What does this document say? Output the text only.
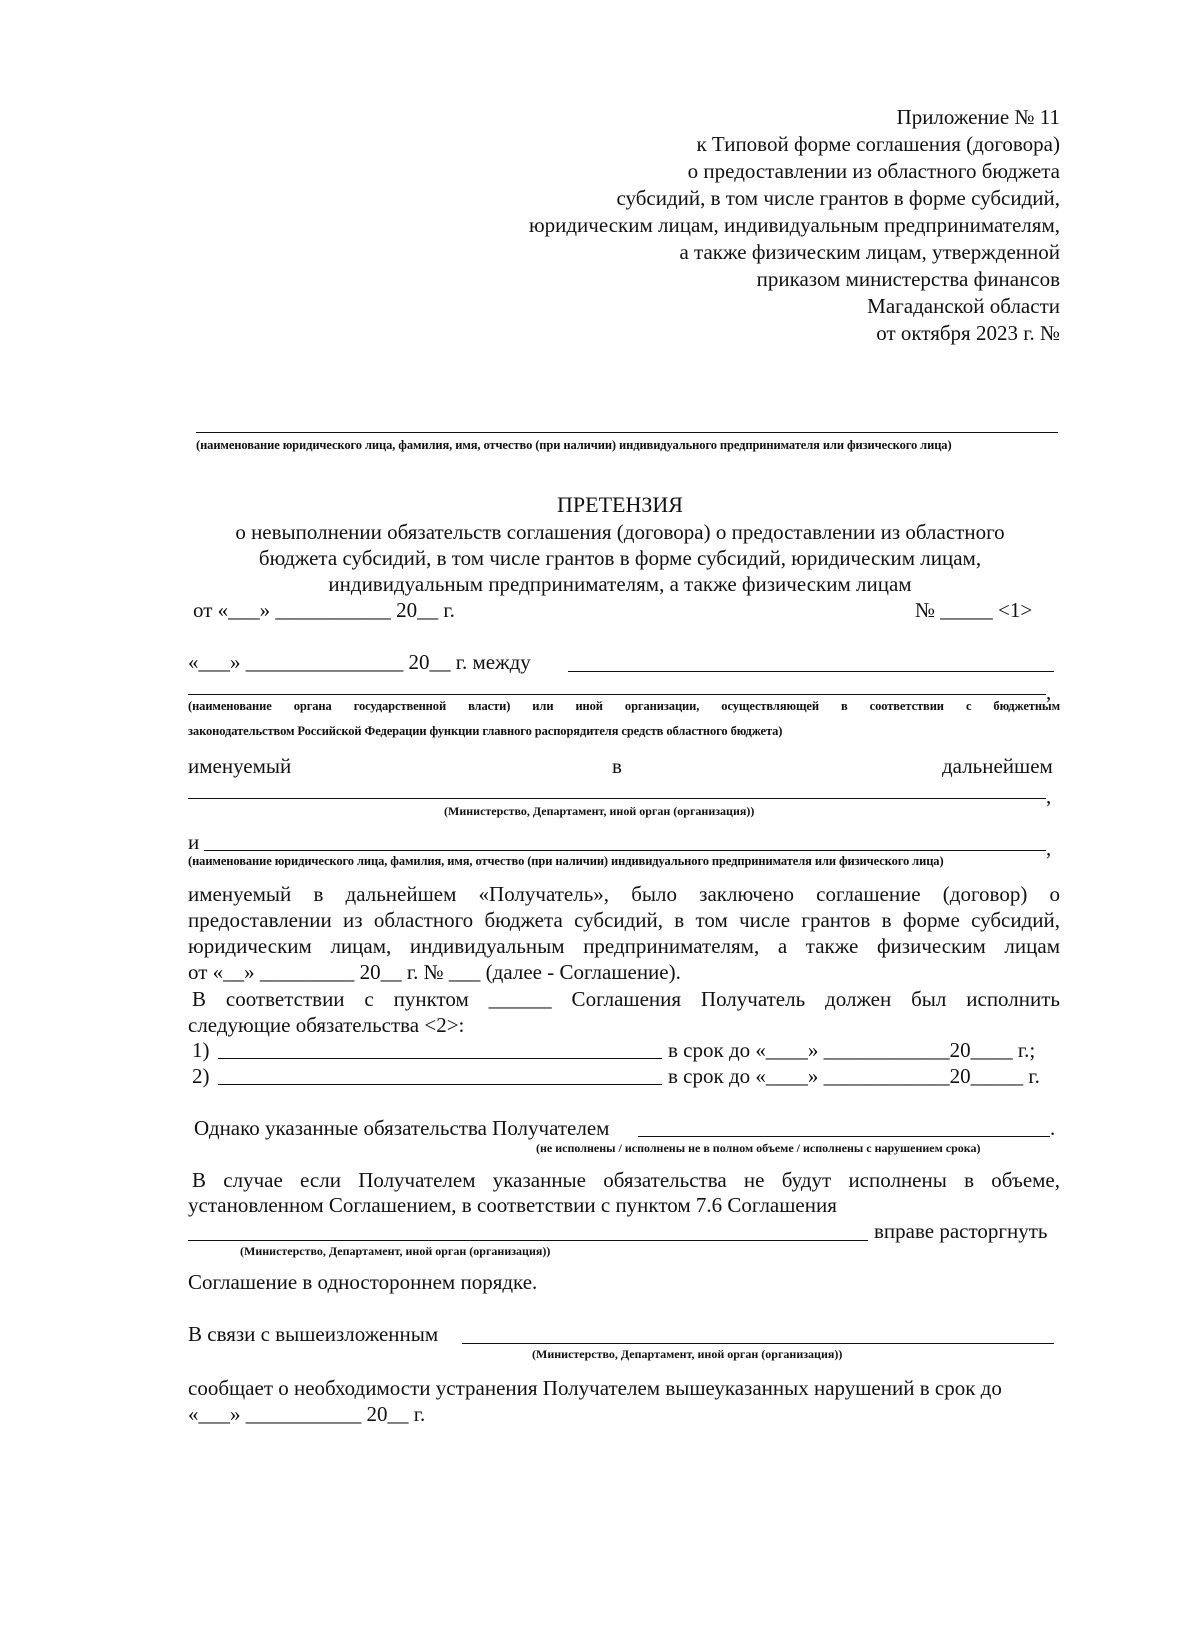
Приложение № 11
к Типовой форме соглашения (договора)
о предоставлении из областного бюджета
субсидий, в том числе грантов в форме субсидий,
юридическим лицам, индивидуальным предпринимателям,
а также физическим лицам, утвержденной
приказом министерства финансов
Магаданской области
от октября 2023 г. №
(наименование юридического лица, фамилия, имя, отчество (при наличии) индивидуального предпринимателя или физического лица)
ПРЕТЕНЗИЯ
о невыполнении обязательств соглашения (договора) о предоставлении из областного
бюджета субсидий, в том числе грантов в форме субсидий, юридическим лицам,
индивидуальным предпринимателям, а также физическим лицам
от «___» ___________ 20__ г.	№ _____ <1>
«___» _______________ 20__ г. между
,
(наименование органа государственной власти) или иной организации, осуществляющей в соответствии с бюджетным
законодательством Российской Федерации функции главного распорядителя средств областного бюджета)
именуемый	в	дальнейшем
,
(Министерство, Департамент, иной орган (организация))
и	,
(наименование юридического лица, фамилия, имя, отчество (при наличии) индивидуального предпринимателя или физического лица)
именуемый в дальнейшем «Получатель», было заключено соглашение (договор) о
предоставлении из областного бюджета субсидий, в том числе грантов в форме субсидий,
юридическим лицам, индивидуальным предпринимателям, а также физическим лицам
от «__» _________ 20__ г. № ___ (далее - Соглашение).
В соответствии с пунктом ______ Соглашения Получатель должен был исполнить
следующие обязательства <2>:
1)	в срок до «____» ____________20____ г.;
2)	в срок до «____» ____________20_____ г.
Однако указанные обязательства Получателем	.
(не исполнены / исполнены не в полном объеме / исполнены с нарушением срока)
В случае если Получателем указанные обязательства не будут исполнены в объеме,
установленном Соглашением, в соответствии с пунктом 7.6 Соглашения
вправе расторгнуть
(Министерство, Департамент, иной орган (организация))
Соглашение в одностороннем порядке.
В связи с вышеизложенным
(Министерство, Департамент, иной орган (организация))
сообщает о необходимости устранения Получателем вышеуказанных нарушений в срок до
«___» ___________ 20__ г.
